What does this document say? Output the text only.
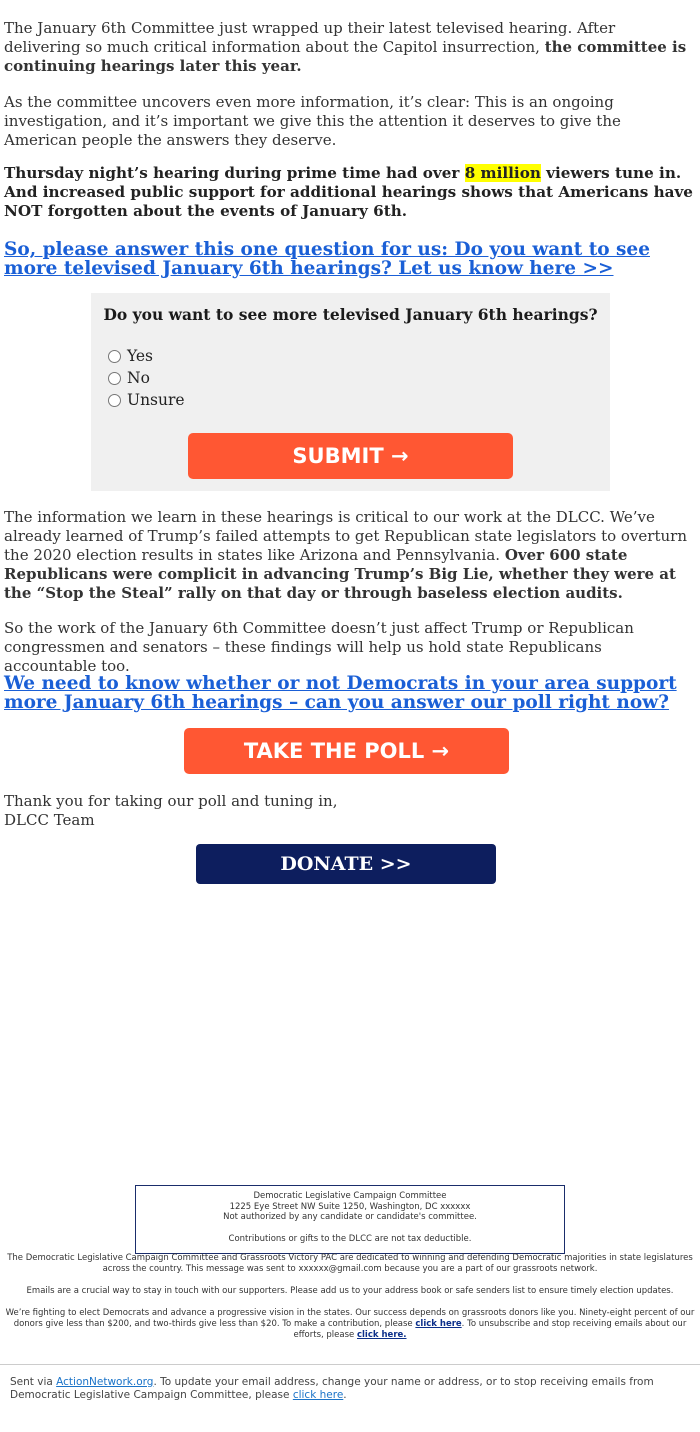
The January 6th Committee just wrapped up their latest televised hearing. After delivering so much critical information about the Capitol insurrection, the committee is continuing hearings later this year.

As the committee uncovers even more information, it’s clear: This is an ongoing investigation, and it’s important we give this the attention it deserves to give the American people the answers they deserve.

Thursday night’s hearing during prime time had over 8 million viewers tune in. And increased public support for additional hearings shows that Americans have NOT forgotten about the events of January 6th.

So, please answer this one question for us: Do you want to see more televised January 6th hearings? Let us know here >>
Do you want to see more televised January 6th hearings?
Yes
No
Unsure
SUBMIT →

The information we learn in these hearings is critical to our work at the DLCC. We’ve already learned of Trump’s failed attempts to get Republican state legislators to overturn the 2020 election results in states like Arizona and Pennsylvania. Over 600 state Republicans were complicit in advancing Trump’s Big Lie, whether they were at the “Stop the Steal” rally on that day or through baseless election audits.

So the work of the January 6th Committee doesn’t just affect Trump or Republican congressmen and senators – these findings will help us hold state Republicans accountable too.

We need to know whether or not Democrats in your area support more January 6th hearings – can you answer our poll right now?

Thank you for taking our poll and tuning in,
DLCC Team

TAKE THE POLL →
DONATE >>
Democratic Legislative Campaign Committee
1225 Eye Street NW Suite 1250, Washington, DC xxxxxx
Not authorized by any candidate or candidate's committee.
Contributions or gifts to the DLCC are not tax deductible.
The Democratic Legislative Campaign Committee and Grassroots Victory PAC are dedicated to winning and defending Democratic majorities in state legislatures across the country. This message was sent to xxxxxx@gmail.com because you are a part of our grassroots network.
Emails are a crucial way to stay in touch with our supporters. Please add us to your address book or safe senders list to ensure timely election updates.
We’re fighting to elect Democrats and advance a progressive vision in the states. Our success depends on grassroots donors like you. Ninety-eight percent of our donors give less than $200, and two-thirds give less than $20. To make a contribution, please click here. To unsubscribe and stop receiving emails about our efforts, please click here.
Sent via ActionNetwork.org. To update your email address, change your name or address, or to stop receiving emails from Democratic Legislative Campaign Committee, please click here.
